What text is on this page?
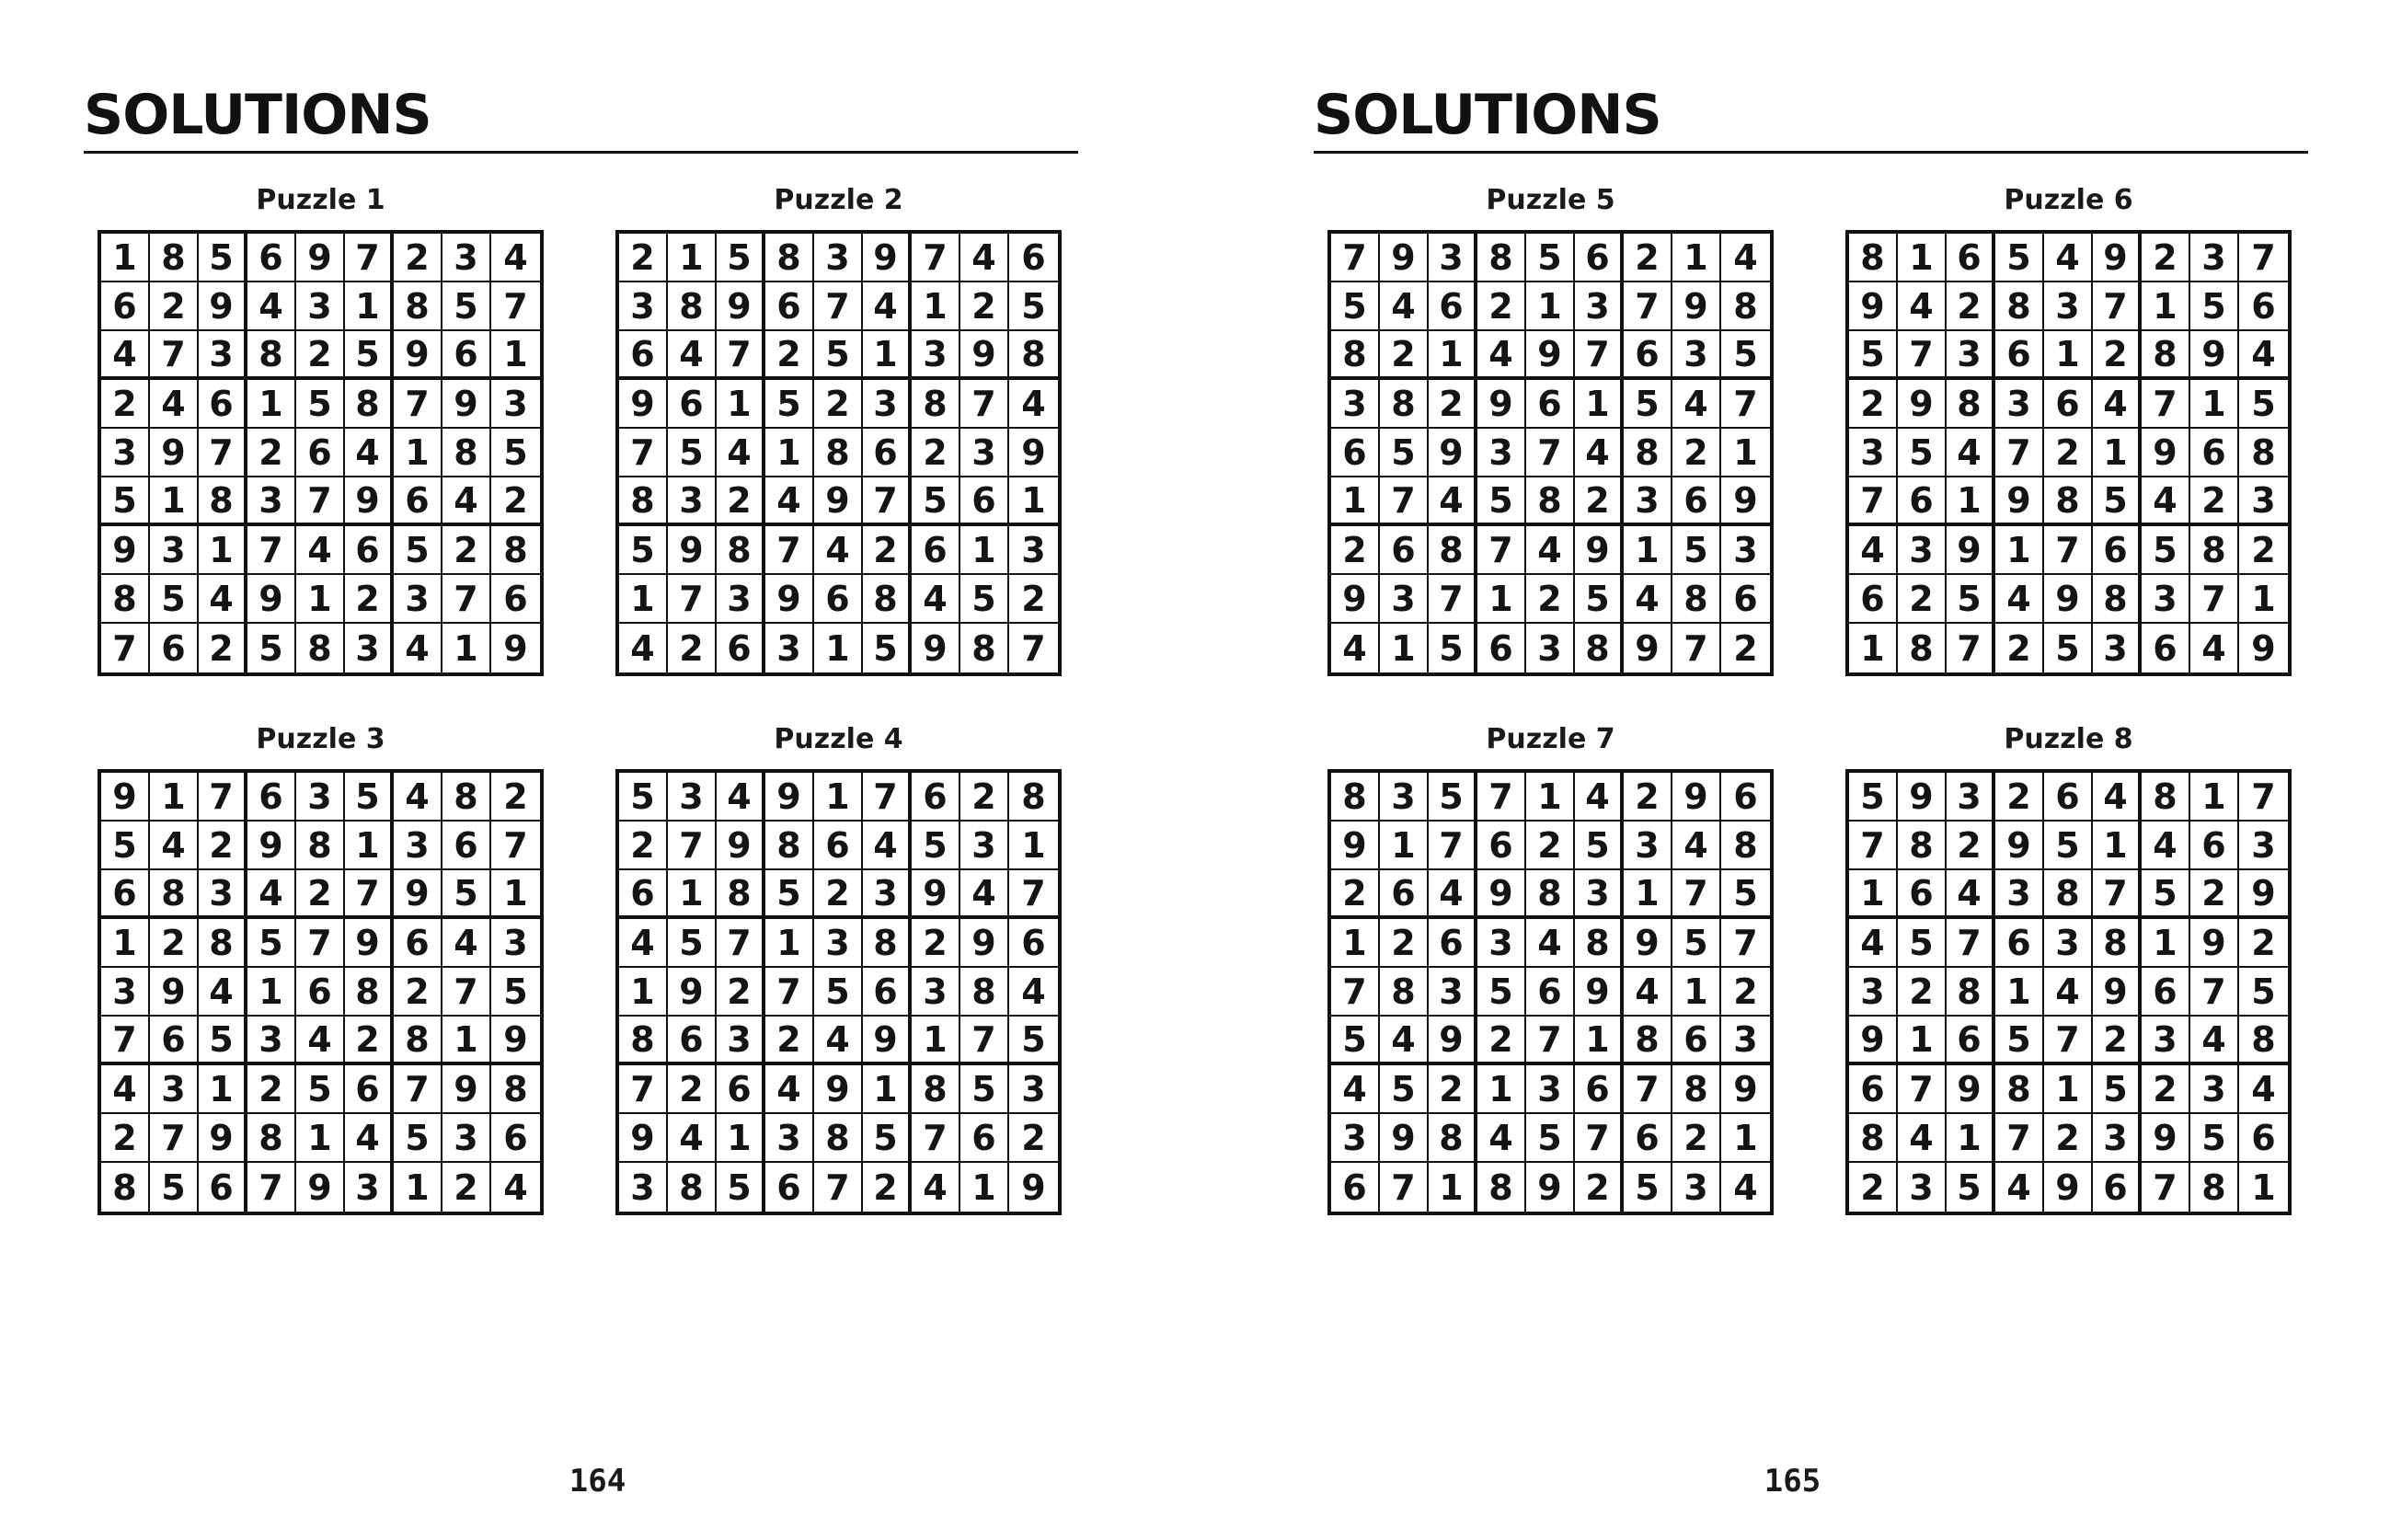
SOLUTIONS
Puzzle 1
1 8 5 6 9 7 2 3 4
6 2 9 4 3 1 8 5 7
4 7 3 8 2 5 9 6 1
2 4 6 1 5 8 7 9 3
3 9 7 2 6 4 1 8 5
5 1 8 3 7 9 6 4 2
9 3 1 7 4 6 5 2 8
8 5 4 9 1 2 3 7 6
7 6 2 5 8 3 4 1 9
Puzzle 2
2 1 5 8 3 9 7 4 6
3 8 9 6 7 4 1 2 5
6 4 7 2 5 1 3 9 8
9 6 1 5 2 3 8 7 4
7 5 4 1 8 6 2 3 9
8 3 2 4 9 7 5 6 1
5 9 8 7 4 2 6 1 3
1 7 3 9 6 8 4 5 2
4 2 6 3 1 5 9 8 7
Puzzle 3
9 1 7 6 3 5 4 8 2
5 4 2 9 8 1 3 6 7
6 8 3 4 2 7 9 5 1
1 2 8 5 7 9 6 4 3
3 9 4 1 6 8 2 7 5
7 6 5 3 4 2 8 1 9
4 3 1 2 5 6 7 9 8
2 7 9 8 1 4 5 3 6
8 5 6 7 9 3 1 2 4
Puzzle 4
5 3 4 9 1 7 6 2 8
2 7 9 8 6 4 5 3 1
6 1 8 5 2 3 9 4 7
4 5 7 1 3 8 2 9 6
1 9 2 7 5 6 3 8 4
8 6 3 2 4 9 1 7 5
7 2 6 4 9 1 8 5 3
9 4 1 3 8 5 7 6 2
3 8 5 6 7 2 4 1 9
164
SOLUTIONS
Puzzle 5
7 9 3 8 5 6 2 1 4
5 4 6 2 1 3 7 9 8
8 2 1 4 9 7 6 3 5
3 8 2 9 6 1 5 4 7
6 5 9 3 7 4 8 2 1
1 7 4 5 8 2 3 6 9
2 6 8 7 4 9 1 5 3
9 3 7 1 2 5 4 8 6
4 1 5 6 3 8 9 7 2
Puzzle 6
8 1 6 5 4 9 2 3 7
9 4 2 8 3 7 1 5 6
5 7 3 6 1 2 8 9 4
2 9 8 3 6 4 7 1 5
3 5 4 7 2 1 9 6 8
7 6 1 9 8 5 4 2 3
4 3 9 1 7 6 5 8 2
6 2 5 4 9 8 3 7 1
1 8 7 2 5 3 6 4 9
Puzzle 7
8 3 5 7 1 4 2 9 6
9 1 7 6 2 5 3 4 8
2 6 4 9 8 3 1 7 5
1 2 6 3 4 8 9 5 7
7 8 3 5 6 9 4 1 2
5 4 9 2 7 1 8 6 3
4 5 2 1 3 6 7 8 9
3 9 8 4 5 7 6 2 1
6 7 1 8 9 2 5 3 4
Puzzle 8
5 9 3 2 6 4 8 1 7
7 8 2 9 5 1 4 6 3
1 6 4 3 8 7 5 2 9
4 5 7 6 3 8 1 9 2
3 2 8 1 4 9 6 7 5
9 1 6 5 7 2 3 4 8
6 7 9 8 1 5 2 3 4
8 4 1 7 2 3 9 5 6
2 3 5 4 9 6 7 8 1
165
